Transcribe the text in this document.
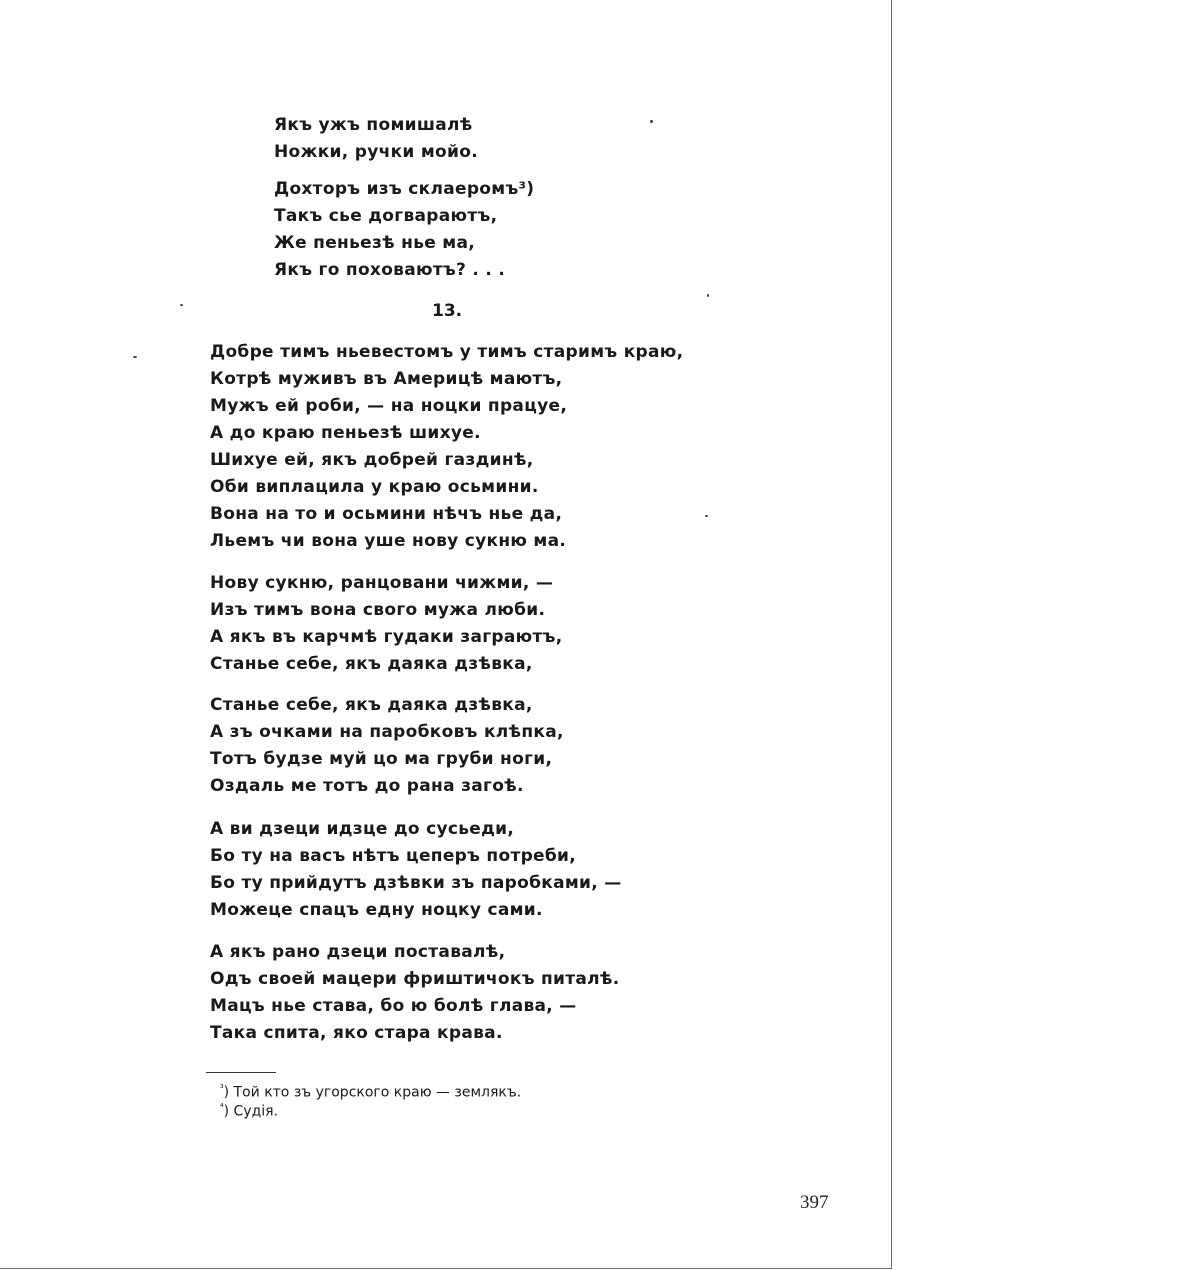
Якъ ужъ помишалѣ
Ножки, ручки мойо.
Дохторъ изъ склаеромъ³)
Такъ сье догвараютъ,
Же пеньезѣ нье ма,
Якъ го поховаютъ? . . .
13.
Добре тимъ ньевестомъ у тимъ старимъ краю,
Котрѣ муживъ въ Америцѣ маютъ,
Мужъ ей роби, — на ноцки працуе,
А до краю пеньезѣ шихуе.
Шихуе ей, якъ добрей газдинѣ,
Оби виплацила у краю осьмини.
Вона на то и осьмини нѣчъ нье да,
Льемъ чи вона уше нову сукню ма.
Нову сукню, ранцовани чижми, —
Изъ тимъ вона свого мужа люби.
А якъ въ карчмѣ гудаки заграютъ,
Станье себе, якъ даяка дзѣвка,
Станье себе, якъ даяка дзѣвка,
А зъ очками на паробковъ клѣпка,
Тотъ будзе муй цо ма груби ноги,
Оздаль ме тотъ до рана загоѣ.
А ви дзеци идзце до сусьеди,
Бо ту на васъ нѣтъ цеперъ потреби,
Бо ту прийдутъ дзѣвки зъ паробками, —
Можеце спацъ едну ноцку сами.
А якъ рано дзеци поставалѣ,
Одъ своей мацери фриштичокъ питалѣ.
Мацъ нье става, бо ю болѣ глава, —
Така спита, яко стара крава.
$^{^3}$) Той кто зъ угорского краю — землякъ.
$^{^4}$) Судія.
397
